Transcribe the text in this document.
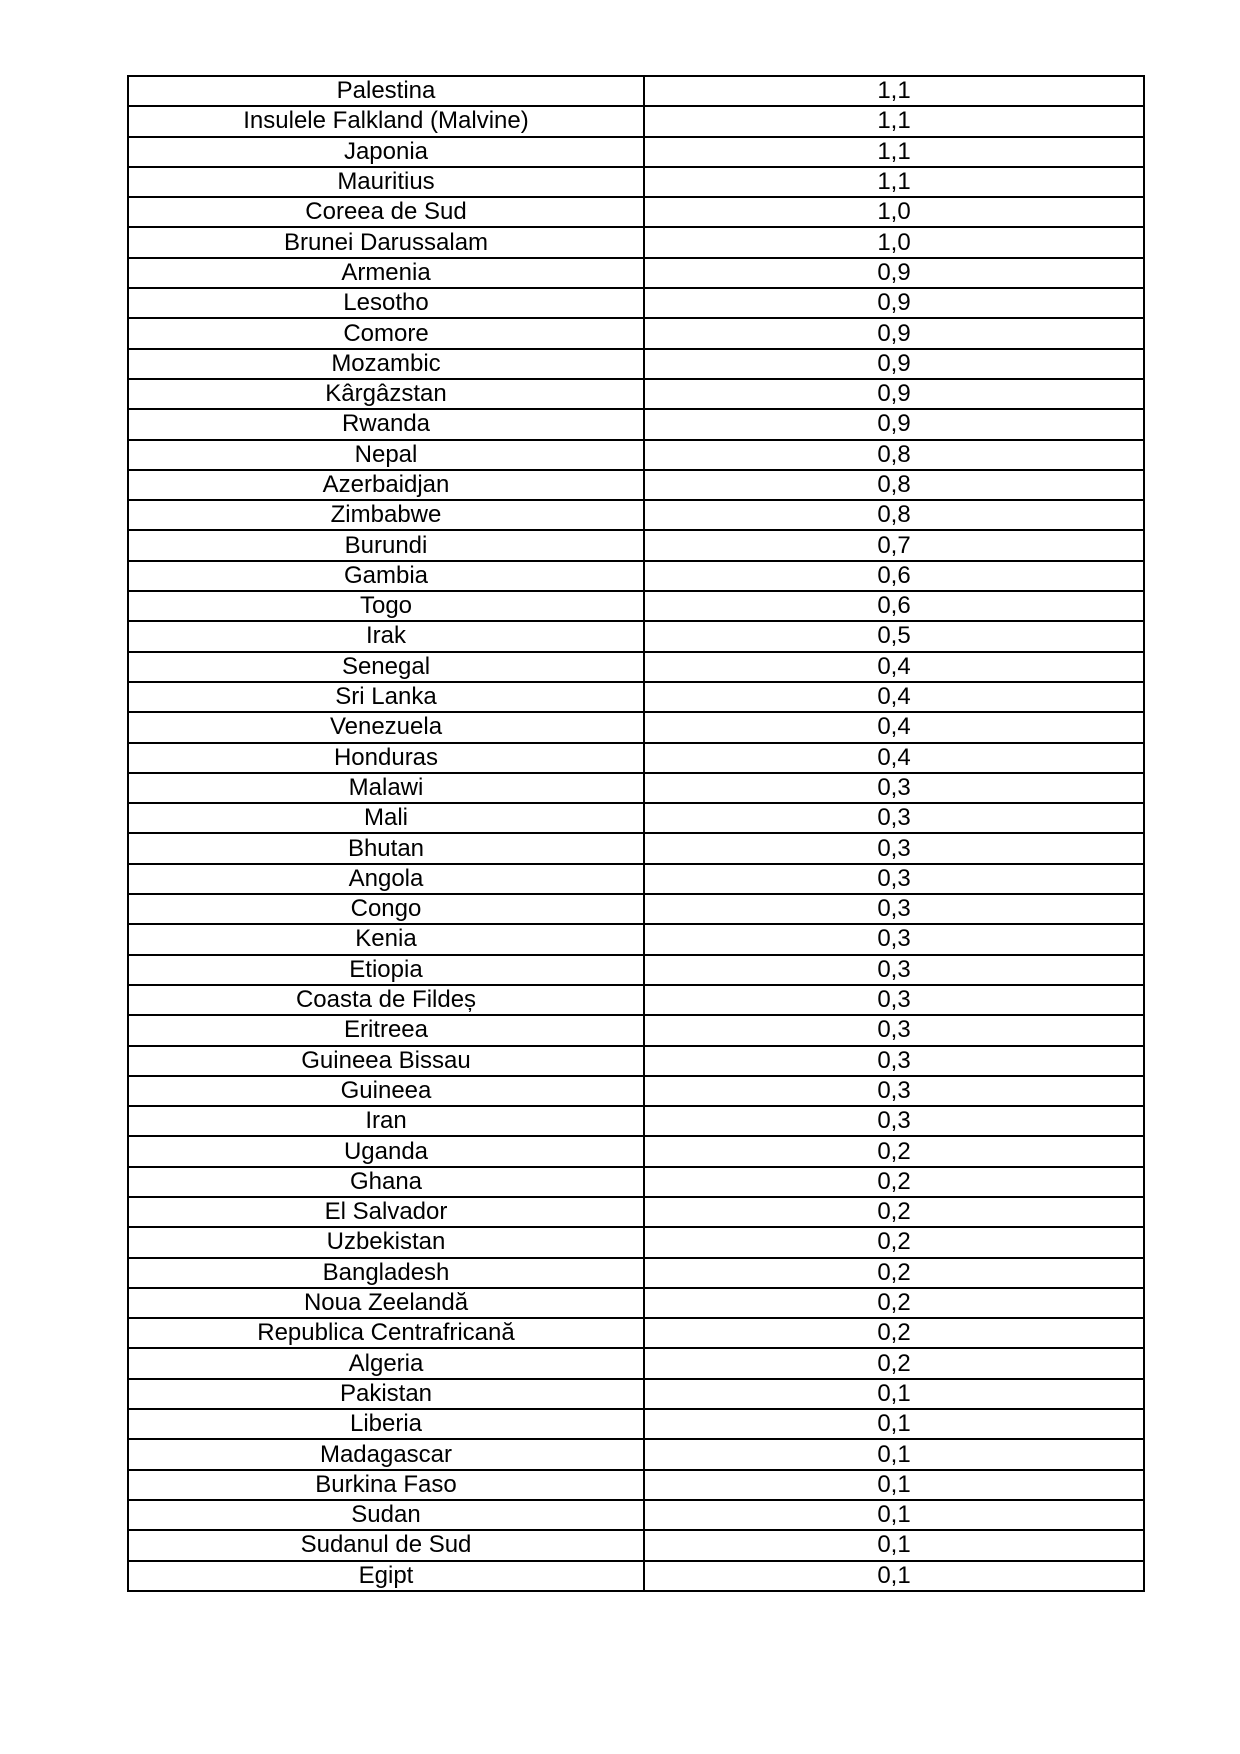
Palestina	1,1
Insulele Falkland (Malvine)	1,1
Japonia	1,1
Mauritius	1,1
Coreea de Sud	1,0
Brunei Darussalam	1,0
Armenia	0,9
Lesotho	0,9
Comore	0,9
Mozambic	0,9
Kârgâzstan	0,9
Rwanda	0,9
Nepal	0,8
Azerbaidjan	0,8
Zimbabwe	0,8
Burundi	0,7
Gambia	0,6
Togo	0,6
Irak	0,5
Senegal	0,4
Sri Lanka	0,4
Venezuela	0,4
Honduras	0,4
Malawi	0,3
Mali	0,3
Bhutan	0,3
Angola	0,3
Congo	0,3
Kenia	0,3
Etiopia	0,3
Coasta de Fildeș	0,3
Eritreea	0,3
Guineea Bissau	0,3
Guineea	0,3
Iran	0,3
Uganda	0,2
Ghana	0,2
El Salvador	0,2
Uzbekistan	0,2
Bangladesh	0,2
Noua Zeelandă	0,2
Republica Centrafricană	0,2
Algeria	0,2
Pakistan	0,1
Liberia	0,1
Madagascar	0,1
Burkina Faso	0,1
Sudan	0,1
Sudanul de Sud	0,1
Egipt	0,1
